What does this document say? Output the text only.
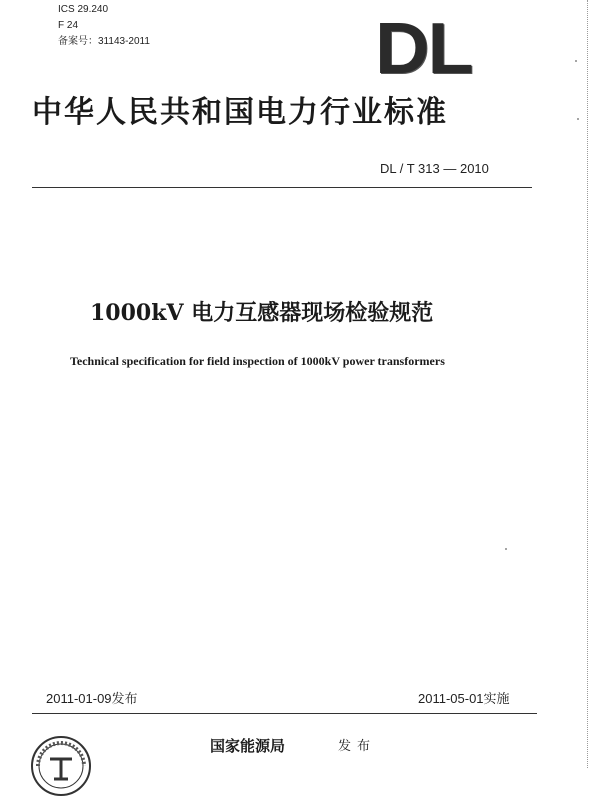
ICS 29.240
F 24
备案号：31143-2011	DL
中华人民共和国电力行业标准
DL / T 313 — 2010
1000kV 电力互感器现场检验规范
Technical specification for field inspection of 1000kV power transformers
2011-01-09发布	2011-05-01实施
国家能源局	发布
